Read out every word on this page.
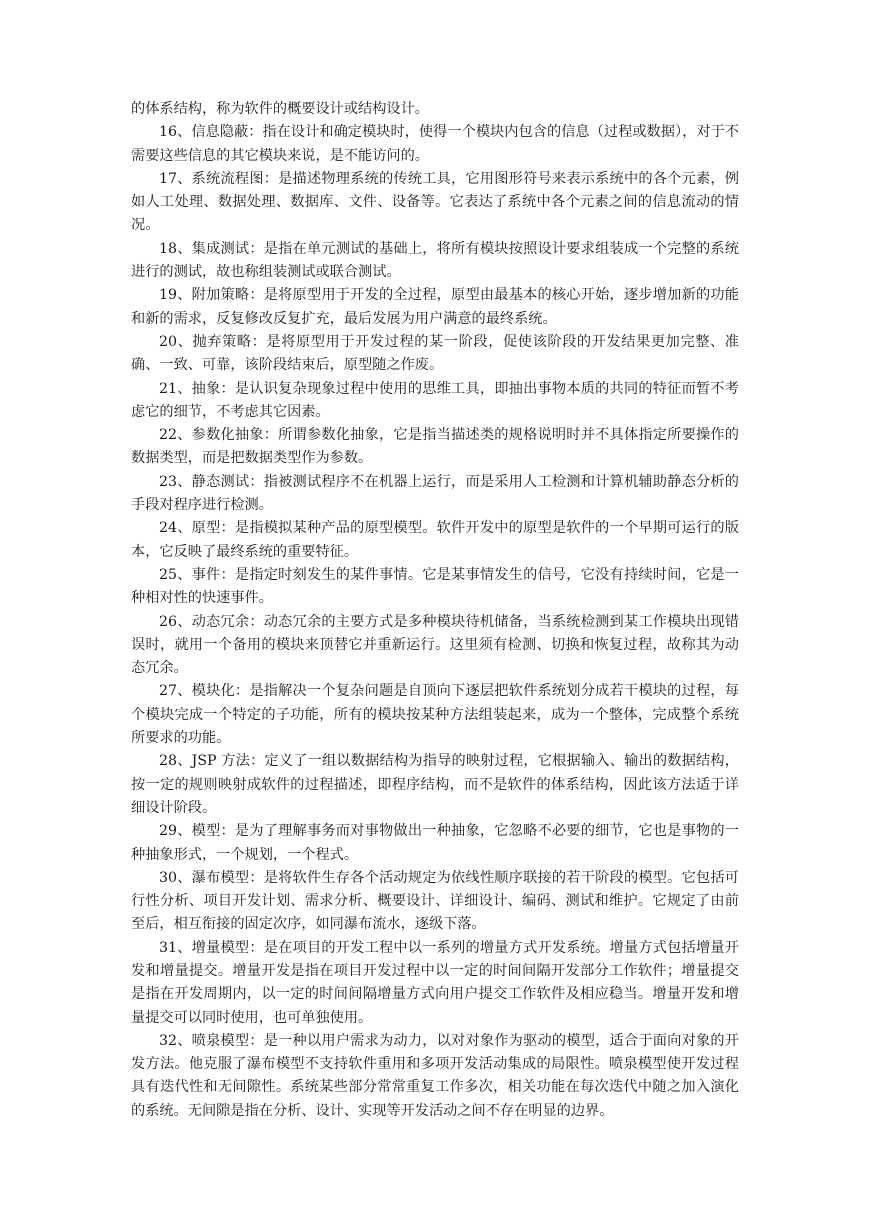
的体系结构，称为软件的概要设计或结构设计。

16、信息隐蔽：指在设计和确定模块时，使得一个模块内包含的信息（过程或数据），对于不需要这些信息的其它模块来说，是不能访问的。

17、系统流程图：是描述物理系统的传统工具，它用图形符号来表示系统中的各个元素，例如人工处理、数据处理、数据库、文件、设备等。它表达了系统中各个元素之间的信息流动的情况。

18、集成测试：是指在单元测试的基础上，将所有模块按照设计要求组装成一个完整的系统进行的测试，故也称组装测试或联合测试。

19、附加策略：是将原型用于开发的全过程，原型由最基本的核心开始，逐步增加新的功能和新的需求，反复修改反复扩充，最后发展为用户满意的最终系统。

20、抛弃策略：是将原型用于开发过程的某一阶段，促使该阶段的开发结果更加完整、准确、一致、可靠，该阶段结束后，原型随之作废。

21、抽象：是认识复杂现象过程中使用的思维工具，即抽出事物本质的共同的特征而暂不考虑它的细节，不考虑其它因素。

22、参数化抽象：所谓参数化抽象，它是指当描述类的规格说明时并不具体指定所要操作的数据类型，而是把数据类型作为参数。

23、静态测试：指被测试程序不在机器上运行，而是采用人工检测和计算机辅助静态分析的手段对程序进行检测。

24、原型：是指模拟某种产品的原型模型。软件开发中的原型是软件的一个早期可运行的版本，它反映了最终系统的重要特征。

25、事件：是指定时刻发生的某件事情。它是某事情发生的信号，它没有持续时间，它是一种相对性的快速事件。

26、动态冗余：动态冗余的主要方式是多种模块待机储备，当系统检测到某工作模块出现错误时，就用一个备用的模块来顶替它并重新运行。这里须有检测、切换和恢复过程，故称其为动态冗余。

27、模块化：是指解决一个复杂问题是自顶向下逐层把软件系统划分成若干模块的过程，每个模块完成一个特定的子功能，所有的模块按某种方法组装起来，成为一个整体，完成整个系统所要求的功能。

28、JSP 方法：定义了一组以数据结构为指导的映射过程，它根据输入、输出的数据结构，按一定的规则映射成软件的过程描述，即程序结构，而不是软件的体系结构，因此该方法适于详细设计阶段。

29、模型：是为了理解事务而对事物做出一种抽象，它忽略不必要的细节，它也是事物的一种抽象形式，一个规划，一个程式。

30、瀑布模型：是将软件生存各个活动规定为依线性顺序联接的若干阶段的模型。它包括可行性分析、项目开发计划、需求分析、概要设计、详细设计、编码、测试和维护。它规定了由前至后，相互衔接的固定次序，如同瀑布流水，逐级下落。

31、增量模型：是在项目的开发工程中以一系列的增量方式开发系统。增量方式包括增量开发和增量提交。增量开发是指在项目开发过程中以一定的时间间隔开发部分工作软件；增量提交是指在开发周期内，以一定的时间间隔增量方式向用户提交工作软件及相应稳当。增量开发和增量提交可以同时使用，也可单独使用。

32、喷泉模型：是一种以用户需求为动力，以对对象作为驱动的模型，适合于面向对象的开发方法。他克服了瀑布模型不支持软件重用和多项开发活动集成的局限性。喷泉模型使开发过程具有迭代性和无间隙性。系统某些部分常常重复工作多次，相关功能在每次迭代中随之加入演化的系统。无间隙是指在分析、设计、实现等开发活动之间不存在明显的边界。
